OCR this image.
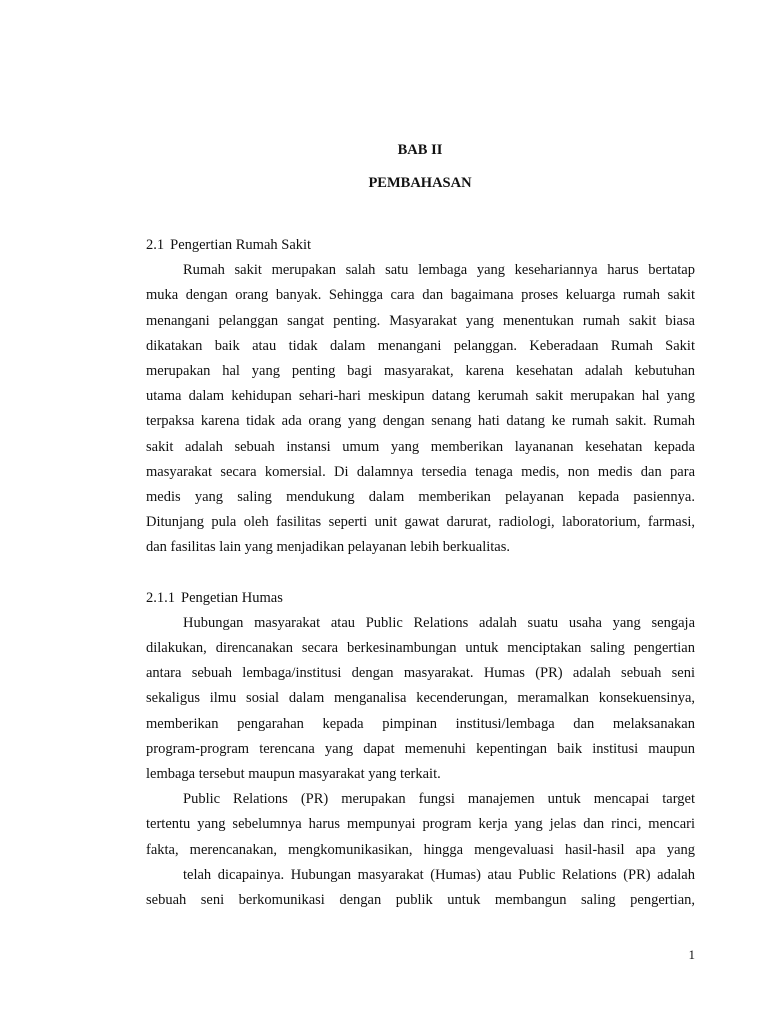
BAB II
PEMBAHASAN

2.1 Pengertian Rumah Sakit

Rumah sakit merupakan salah satu lembaga yang kesehariannya harus bertatap
muka dengan orang banyak. Sehingga cara dan bagaimana proses keluarga rumah sakit
menangani pelanggan sangat penting. Masyarakat yang menentukan rumah sakit biasa
dikatakan baik atau tidak dalam menangani pelanggan. Keberadaan Rumah Sakit
merupakan hal yang penting bagi masyarakat, karena kesehatan adalah kebutuhan
utama dalam kehidupan sehari-hari meskipun datang kerumah sakit merupakan hal yang
terpaksa karena tidak ada orang yang dengan senang hati datang ke rumah sakit. Rumah
sakit adalah sebuah instansi umum yang memberikan layananan kesehatan kepada
masyarakat secara komersial. Di dalamnya tersedia tenaga medis, non medis dan para
medis yang saling mendukung dalam memberikan pelayanan kepada pasiennya.
Ditunjang pula oleh fasilitas seperti unit gawat darurat, radiologi, laboratorium, farmasi,
dan fasilitas lain yang menjadikan pelayanan lebih berkualitas.

2.1.1 Pengetian Humas

Hubungan masyarakat atau Public Relations adalah suatu usaha yang sengaja
dilakukan, direncanakan secara berkesinambungan untuk menciptakan saling pengertian
antara sebuah lembaga/institusi dengan masyarakat. Humas (PR) adalah sebuah seni
sekaligus ilmu sosial dalam menganalisa kecenderungan, meramalkan konsekuensinya,
memberikan pengarahan kepada pimpinan institusi/lembaga dan melaksanakan
program-program terencana yang dapat memenuhi kepentingan baik institusi maupun
lembaga tersebut maupun masyarakat yang terkait.
Public Relations (PR) merupakan fungsi manajemen untuk mencapai target
tertentu yang sebelumnya harus mempunyai program kerja yang jelas dan rinci, mencari
fakta, merencanakan, mengkomunikasikan, hingga mengevaluasi hasil-hasil apa yang
telah dicapainya. Hubungan masyarakat (Humas) atau Public Relations (PR) adalah
sebuah seni berkomunikasi dengan publik untuk membangun saling pengertian,
1
